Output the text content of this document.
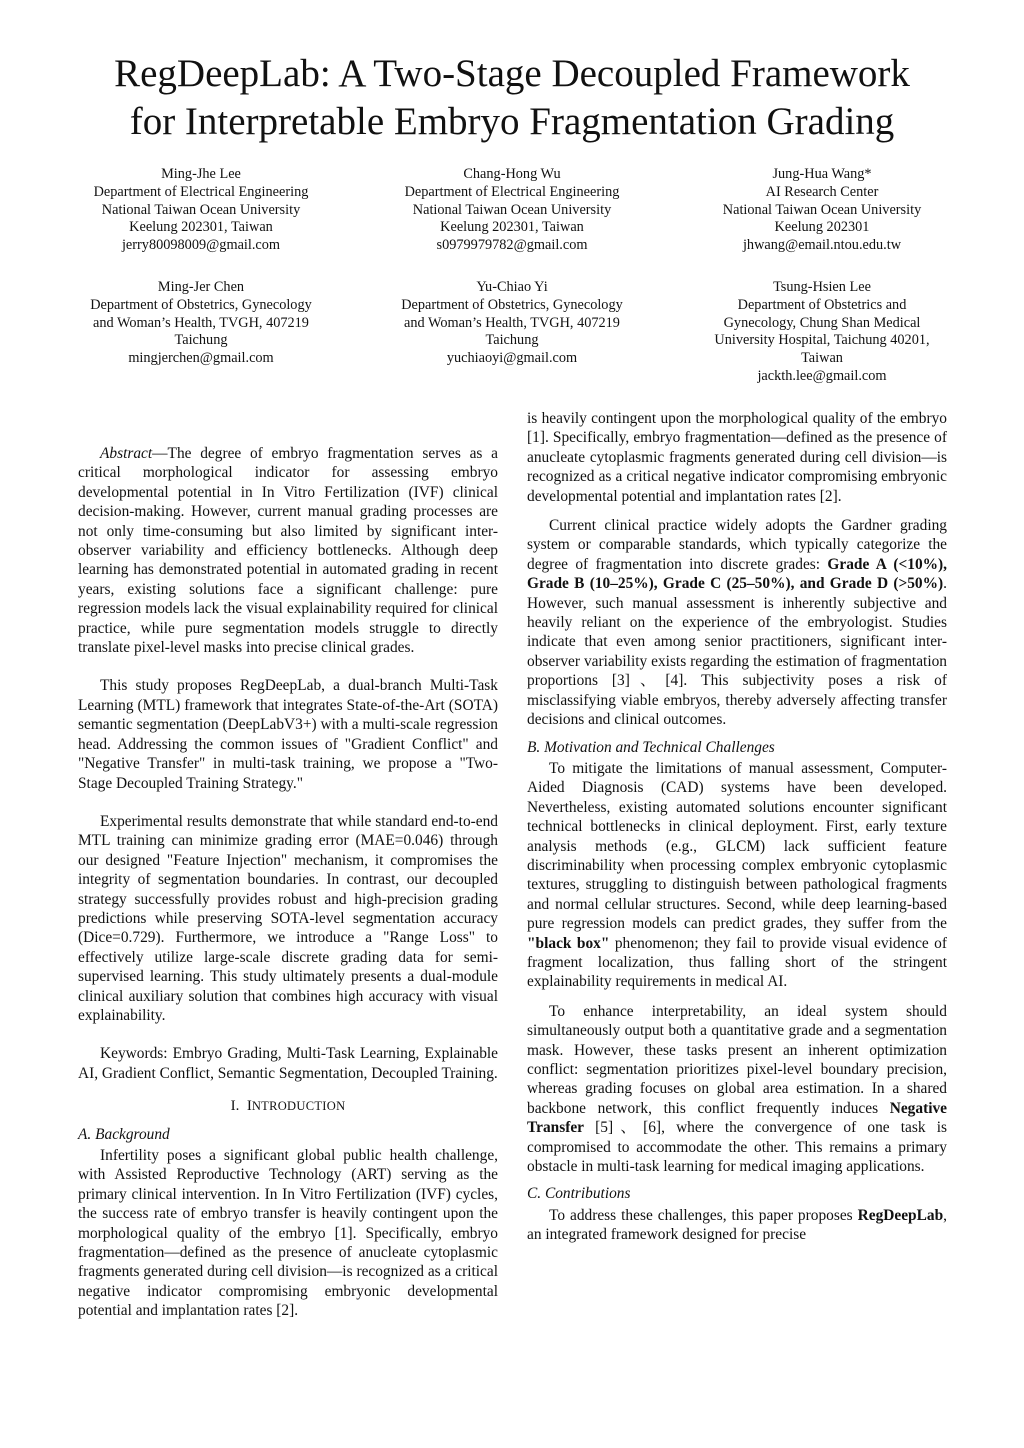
RegDeepLab: A Two-Stage Decoupled Framework
for Interpretable Embryo Fragmentation Grading
Ming-Jhe Lee
Department of Electrical Engineering
National Taiwan Ocean University
Keelung 202301, Taiwan
jerry80098009@gmail.com
Chang-Hong Wu
Department of Electrical Engineering
National Taiwan Ocean University
Keelung 202301, Taiwan
s0979979782@gmail.com
Jung-Hua Wang*
AI Research Center
National Taiwan Ocean University
Keelung 202301
jhwang@email.ntou.edu.tw
Ming-Jer Chen
Department of Obstetrics, Gynecology
and Woman’s Health, TVGH, 407219
Taichung
mingjerchen@gmail.com
Yu-Chiao Yi
Department of Obstetrics, Gynecology
and Woman’s Health, TVGH, 407219
Taichung
yuchiaoyi@gmail.com
Tsung-Hsien Lee
Department of Obstetrics and
Gynecology, Chung Shan Medical
University Hospital, Taichung 40201,
Taiwan
jackth.lee@gmail.com

Abstract—The degree of embryo fragmentation serves as a critical morphological indicator for assessing embryo developmental potential in In Vitro Fertilization (IVF) clinical decision-making. However, current manual grading processes are not only time-consuming but also limited by significant inter-observer variability and efficiency bottlenecks. Although deep learning has demonstrated potential in automated grading in recent years, existing solutions face a significant challenge: pure regression models lack the visual explainability required for clinical practice, while pure segmentation models struggle to directly translate pixel-level masks into precise clinical grades.

This study proposes RegDeepLab, a dual-branch Multi-Task Learning (MTL) framework that integrates State-of-the-Art (SOTA) semantic segmentation (DeepLabV3+) with a multi-scale regression head. Addressing the common issues of "Gradient Conflict" and "Negative Transfer" in multi-task training, we propose a "Two-Stage Decoupled Training Strategy."

Experimental results demonstrate that while standard end-to-end MTL training can minimize grading error (MAE=0.046) through our designed "Feature Injection" mechanism, it compromises the integrity of segmentation boundaries. In contrast, our decoupled strategy successfully provides robust and high-precision grading predictions while preserving SOTA-level segmentation accuracy (Dice=0.729). Furthermore, we introduce a "Range Loss" to effectively utilize large-scale discrete grading data for semi-supervised learning. This study ultimately presents a dual-module clinical auxiliary solution that combines high accuracy with visual explainability.

Keywords: Embryo Grading, Multi-Task Learning, Explainable AI, Gradient Conflict, Semantic Segmentation, Decoupled Training.

I. INTRODUCTION
A. Background

Infertility poses a significant global public health challenge, with Assisted Reproductive Technology (ART) serving as the primary clinical intervention. In In Vitro Fertilization (IVF) cycles, the success rate of embryo transfer is heavily contingent upon the morphological quality of the embryo [1]. Specifically, embryo fragmentation—defined as the presence of anucleate cytoplasmic fragments generated during cell division—is recognized as a critical negative indicator compromising embryonic developmental potential and implantation rates [2].

is heavily contingent upon the morphological quality of the embryo [1]. Specifically, embryo fragmentation—defined as the presence of anucleate cytoplasmic fragments generated during cell division—is recognized as a critical negative indicator compromising embryonic developmental potential and implantation rates [2].

Current clinical practice widely adopts the Gardner grading system or comparable standards, which typically categorize the degree of fragmentation into discrete grades: Grade A (<10%), Grade B (10–25%), Grade C (25–50%), and Grade D (>50%). However, such manual assessment is inherently subjective and heavily reliant on the experience of the embryologist. Studies indicate that even among senior practitioners, significant inter-observer variability exists regarding the estimation of fragmentation proportions [3]、[4]. This subjectivity poses a risk of misclassifying viable embryos, thereby adversely affecting transfer decisions and clinical outcomes.

B. Motivation and Technical Challenges

To mitigate the limitations of manual assessment, Computer-Aided Diagnosis (CAD) systems have been developed. Nevertheless, existing automated solutions encounter significant technical bottlenecks in clinical deployment. First, early texture analysis methods (e.g., GLCM) lack sufficient feature discriminability when processing complex embryonic cytoplasmic textures, struggling to distinguish between pathological fragments and normal cellular structures. Second, while deep learning-based pure regression models can predict grades, they suffer from the "black box" phenomenon; they fail to provide visual evidence of fragment localization, thus falling short of the stringent explainability requirements in medical AI.

To enhance interpretability, an ideal system should simultaneously output both a quantitative grade and a segmentation mask. However, these tasks present an inherent optimization conflict: segmentation prioritizes pixel-level boundary precision, whereas grading focuses on global area estimation. In a shared backbone network, this conflict frequently induces Negative Transfer [5]、[6], where the convergence of one task is compromised to accommodate the other. This remains a primary obstacle in multi-task learning for medical imaging applications.

C. Contributions

To address these challenges, this paper proposes RegDeepLab, an integrated framework designed for precise
